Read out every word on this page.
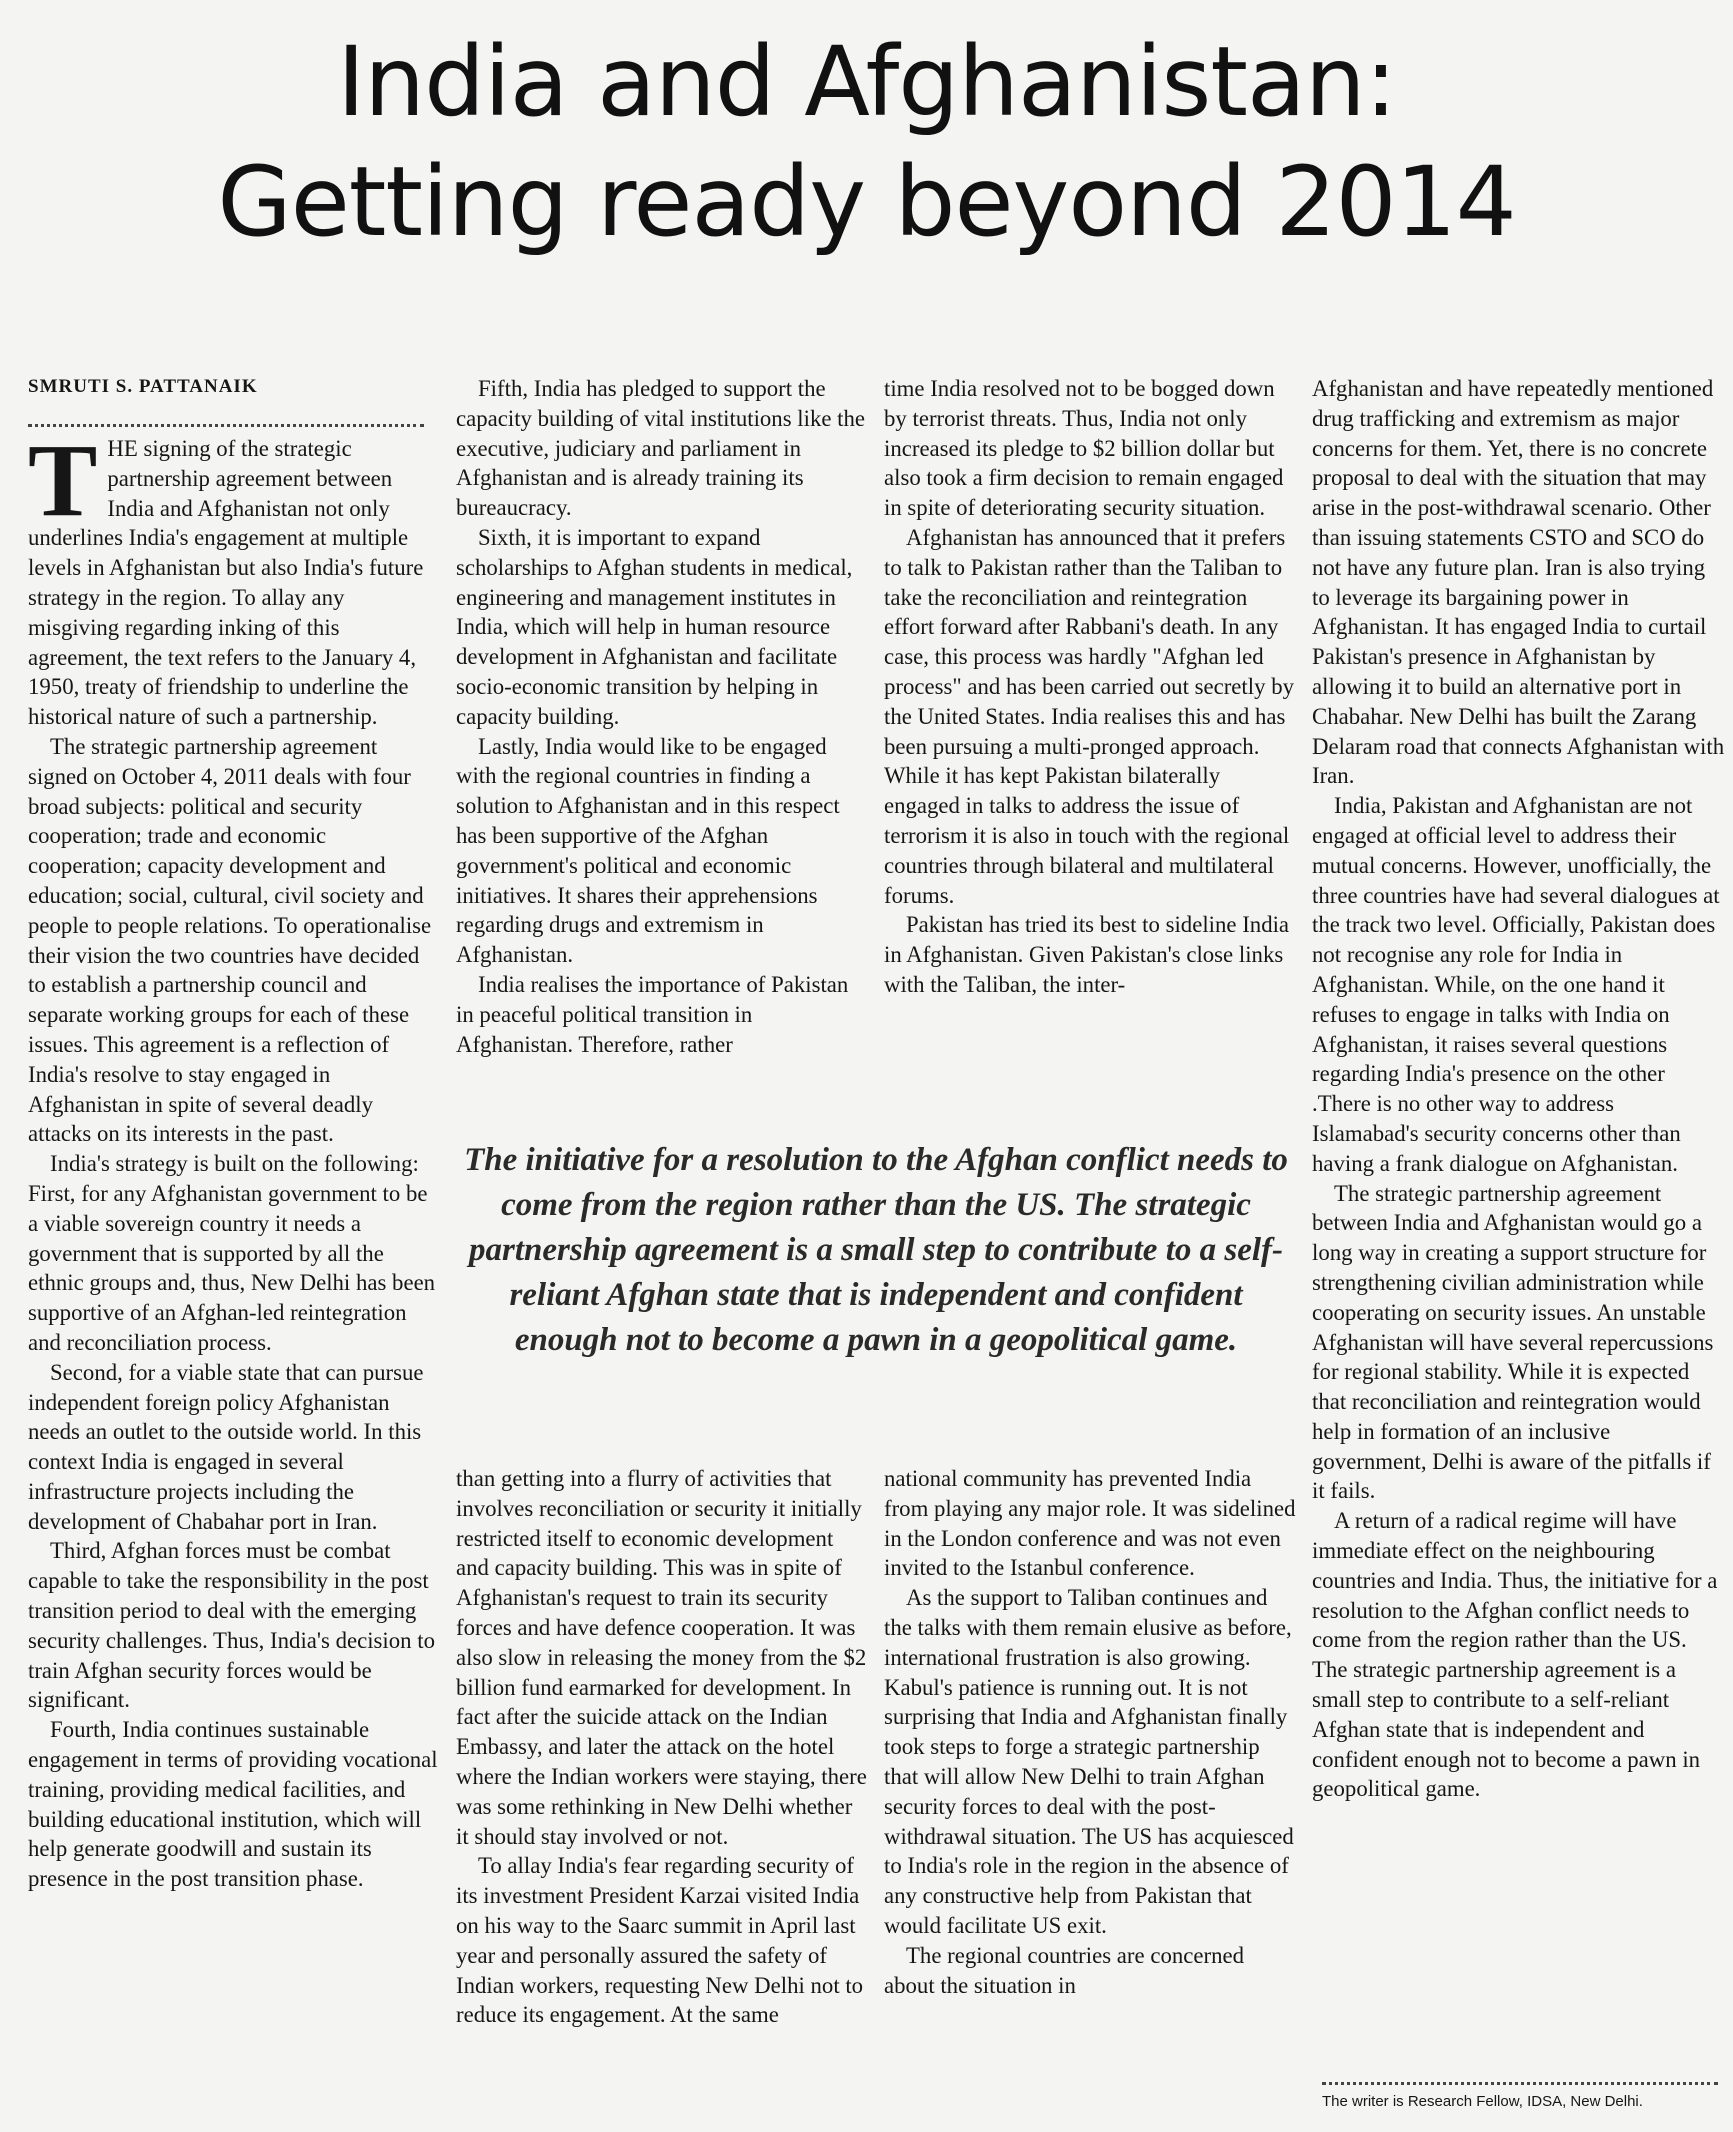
India and Afghanistan:
Getting ready beyond 2014
SMRUTI S. PATTANAIK

THE signing of the strategic partnership agreement between India and Afghanistan not only underlines India's engagement at multiple levels in Afghanistan but also India's future strategy in the region. To allay any misgiving regarding inking of this agreement, the text refers to the January 4, 1950, treaty of friendship to underline the historical nature of such a partnership.

The strategic partnership agreement signed on October 4, 2011 deals with four broad subjects: political and security cooperation; trade and economic cooperation; capacity development and education; social, cultural, civil society and people to people relations. To operationalise their vision the two countries have decided to establish a partnership council and separate working groups for each of these issues. This agreement is a reflection of India's resolve to stay engaged in Afghanistan in spite of several deadly attacks on its interests in the past.

India's strategy is built on the following: First, for any Afghanistan government to be a viable sovereign country it needs a government that is supported by all the ethnic groups and, thus, New Delhi has been supportive of an Afghan-led reintegration and reconciliation process.

Second, for a viable state that can pursue independent foreign policy Afghanistan needs an outlet to the outside world. In this context India is engaged in several infrastructure projects including the development of Chabahar port in Iran.

Third, Afghan forces must be combat capable to take the responsibility in the post transition period to deal with the emerging security challenges. Thus, India's decision to train Afghan security forces would be significant.

Fourth, India continues sustainable engagement in terms of providing vocational training, providing medical facilities, and building educational institution, which will help generate goodwill and sustain its presence in the post transition phase.

Fifth, India has pledged to support the capacity building of vital institutions like the executive, judiciary and parliament in Afghanistan and is already training its bureaucracy.

Sixth, it is important to expand scholarships to Afghan students in medical, engineering and management institutes in India, which will help in human resource development in Afghanistan and facilitate socio-economic transition by helping in capacity building.

Lastly, India would like to be engaged with the regional countries in finding a solution to Afghanistan and in this respect has been supportive of the Afghan government's political and economic initiatives. It shares their apprehensions regarding drugs and extremism in Afghanistan.

India realises the importance of Pakistan in peaceful political transition in Afghanistan. Therefore, rather

time India resolved not to be bogged down by terrorist threats. Thus, India not only increased its pledge to $2 billion dollar but also took a firm decision to remain engaged in spite of deteriorating security situation.

Afghanistan has announced that it prefers to talk to Pakistan rather than the Taliban to take the reconciliation and reintegration effort forward after Rabbani's death. In any case, this process was hardly "Afghan led process" and has been carried out secretly by the United States. India realises this and has been pursuing a multi-pronged approach. While it has kept Pakistan bilaterally engaged in talks to address the issue of terrorism it is also in touch with the regional countries through bilateral and multilateral forums.

Pakistan has tried its best to sideline India in Afghanistan. Given Pakistan's close links with the Taliban, the inter-

The initiative for a resolution to the Afghan conflict needs to come from the region rather than the US. The strategic partnership agreement is a small step to contribute to a self-reliant Afghan state that is independent and confident enough not to become a pawn in a geopolitical game.

than getting into a flurry of activities that involves reconciliation or security it initially restricted itself to economic development and capacity building. This was in spite of Afghanistan's request to train its security forces and have defence cooperation. It was also slow in releasing the money from the $2 billion fund earmarked for development. In fact after the suicide attack on the Indian Embassy, and later the attack on the hotel where the Indian workers were staying, there was some rethinking in New Delhi whether it should stay involved or not.

To allay India's fear regarding security of its investment President Karzai visited India on his way to the Saarc summit in April last year and personally assured the safety of Indian workers, requesting New Delhi not to reduce its engagement. At the same

national community has prevented India from playing any major role. It was sidelined in the London conference and was not even invited to the Istanbul conference.

As the support to Taliban continues and the talks with them remain elusive as before, international frustration is also growing. Kabul's patience is running out. It is not surprising that India and Afghanistan finally took steps to forge a strategic partnership that will allow New Delhi to train Afghan security forces to deal with the post-withdrawal situation. The US has acquiesced to India's role in the region in the absence of any constructive help from Pakistan that would facilitate US exit.

The regional countries are concerned about the situation in

Afghanistan and have repeatedly mentioned drug trafficking and extremism as major concerns for them. Yet, there is no concrete proposal to deal with the situation that may arise in the post-withdrawal scenario. Other than issuing statements CSTO and SCO do not have any future plan. Iran is also trying to leverage its bargaining power in Afghanistan. It has engaged India to curtail Pakistan's presence in Afghanistan by allowing it to build an alternative port in Chabahar. New Delhi has built the Zarang Delaram road that connects Afghanistan with Iran.

India, Pakistan and Afghanistan are not engaged at official level to address their mutual concerns. However, unofficially, the three countries have had several dialogues at the track two level. Officially, Pakistan does not recognise any role for India in Afghanistan. While, on the one hand it refuses to engage in talks with India on Afghanistan, it raises several questions regarding India's presence on the other .There is no other way to address Islamabad's security concerns other than having a frank dialogue on Afghanistan.

The strategic partnership agreement between India and Afghanistan would go a long way in creating a support structure for strengthening civilian administration while cooperating on security issues. An unstable Afghanistan will have several repercussions for regional stability. While it is expected that reconciliation and reintegration would help in formation of an inclusive government, Delhi is aware of the pitfalls if it fails.

A return of a radical regime will have immediate effect on the neighbouring countries and India. Thus, the initiative for a resolution to the Afghan conflict needs to come from the region rather than the US. The strategic partnership agreement is a small step to contribute to a self-reliant Afghan state that is independent and confident enough not to become a pawn in geopolitical game.

The writer is Research Fellow, IDSA, New Delhi.
